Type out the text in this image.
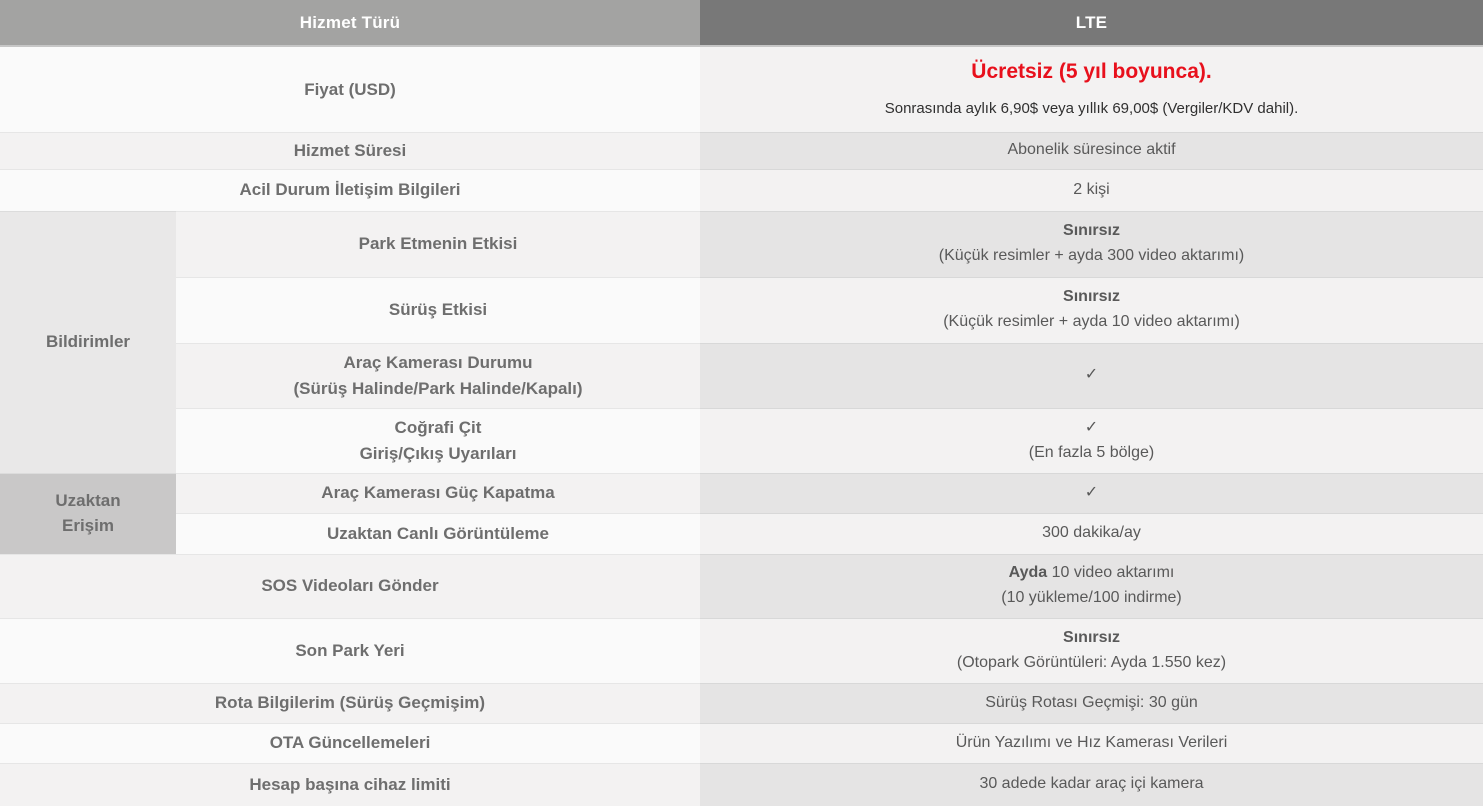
Hizmet Türü		LTE
Fiyat (USD)		Ücretsiz (5 yıl boyunca).
Sonrasında aylık 6,90$ veya yıllık 69,00$ (Vergiler/KDV dahil).

Hizmet Süresi		Abonelik süresince aktif
Acil Durum İletişim Bilgileri		2 kişi
Bildirimler	Park Etmenin Etkisi	Sınırsız
(Küçük resimler + ayda 300 video aktarımı)

	Sürüş Etkisi	Sınırsız
(Küçük resimler + ayda 10 video aktarımı)

	Araç Kamerası Durumu
(Sürüş Halinde/Park Halinde/Kapalı)	✓

	Coğrafi Çit
Giriş/Çıkış Uyarıları	✓
(En fazla 5 bölge)

Uzaktan Erişim	Araç Kamerası Güç Kapatma	✓
	Uzaktan Canlı Görüntüleme	300 dakika/ay
SOS Videoları Gönder		Ayda 10 video aktarımı
(10 yükleme/100 indirme)

Son Park Yeri		Sınırsız
(Otopark Görüntüleri: Ayda 1.550 kez)

Rota Bilgilerim (Sürüş Geçmişim)		Sürüş Rotası Geçmişi: 30 gün
OTA Güncellemeleri		Ürün Yazılımı ve Hız Kamerası Verileri
Hesap başına cihaz limiti		30 adede kadar araç içi kamera
